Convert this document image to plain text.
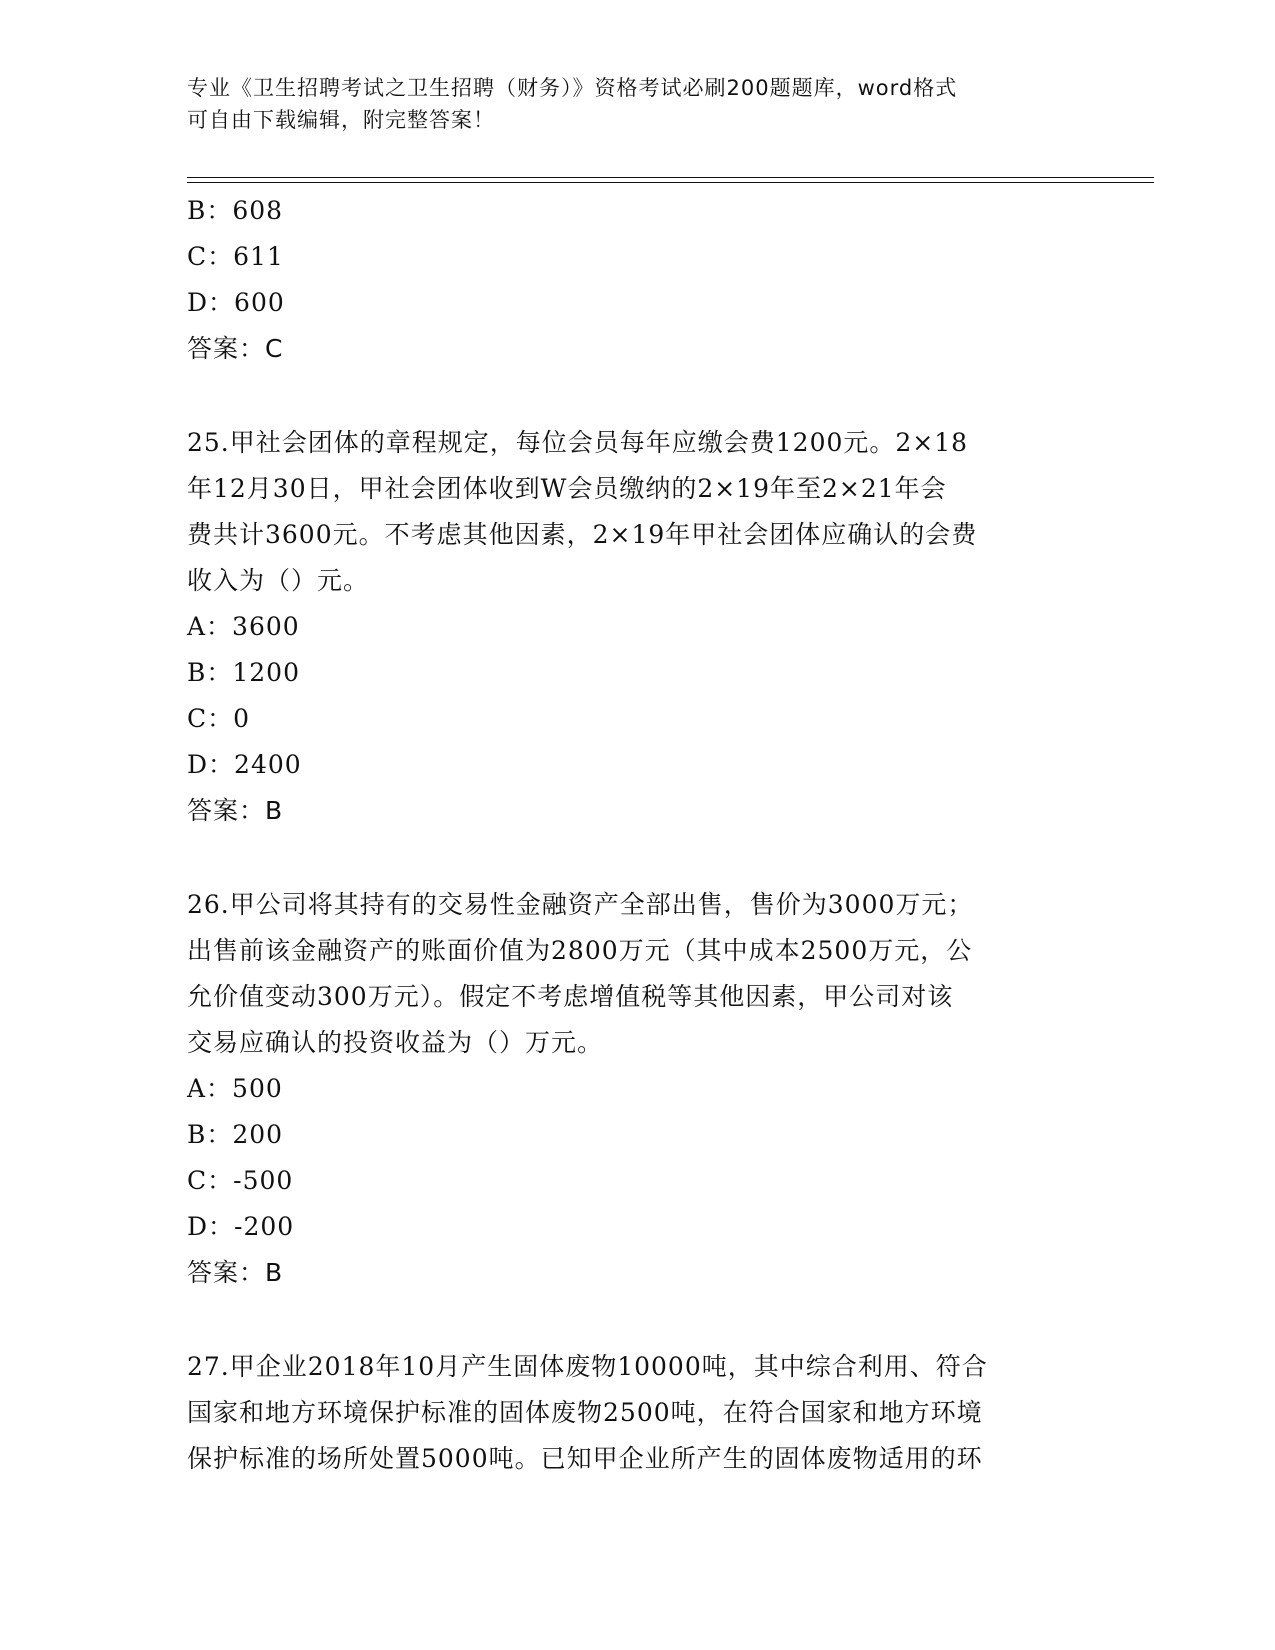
专业《卫生招聘考试之卫生招聘（财务）》资格考试必刷200题题库，word格式
可自由下载编辑，附完整答案！
B：608
C：611
D：600
答案：C
25.甲社会团体的章程规定，每位会员每年应缴会费1200元。2×18
年12月30日，甲社会团体收到W会员缴纳的2×19年至2×21年会
费共计3600元。不考虑其他因素，2×19年甲社会团体应确认的会费
收入为（）元。
A：3600
B：1200
C：0
D：2400
答案：B
26.甲公司将其持有的交易性金融资产全部出售，售价为3000万元；
出售前该金融资产的账面价值为2800万元（其中成本2500万元，公
允价值变动300万元）。假定不考虑增值税等其他因素，甲公司对该
交易应确认的投资收益为（）万元。
A：500
B：200
C：-500
D：-200
答案：B
27.甲企业2018年10月产生固体废物10000吨，其中综合利用、符合
国家和地方环境保护标准的固体废物2500吨，在符合国家和地方环境
保护标准的场所处置5000吨。已知甲企业所产生的固体废物适用的环
